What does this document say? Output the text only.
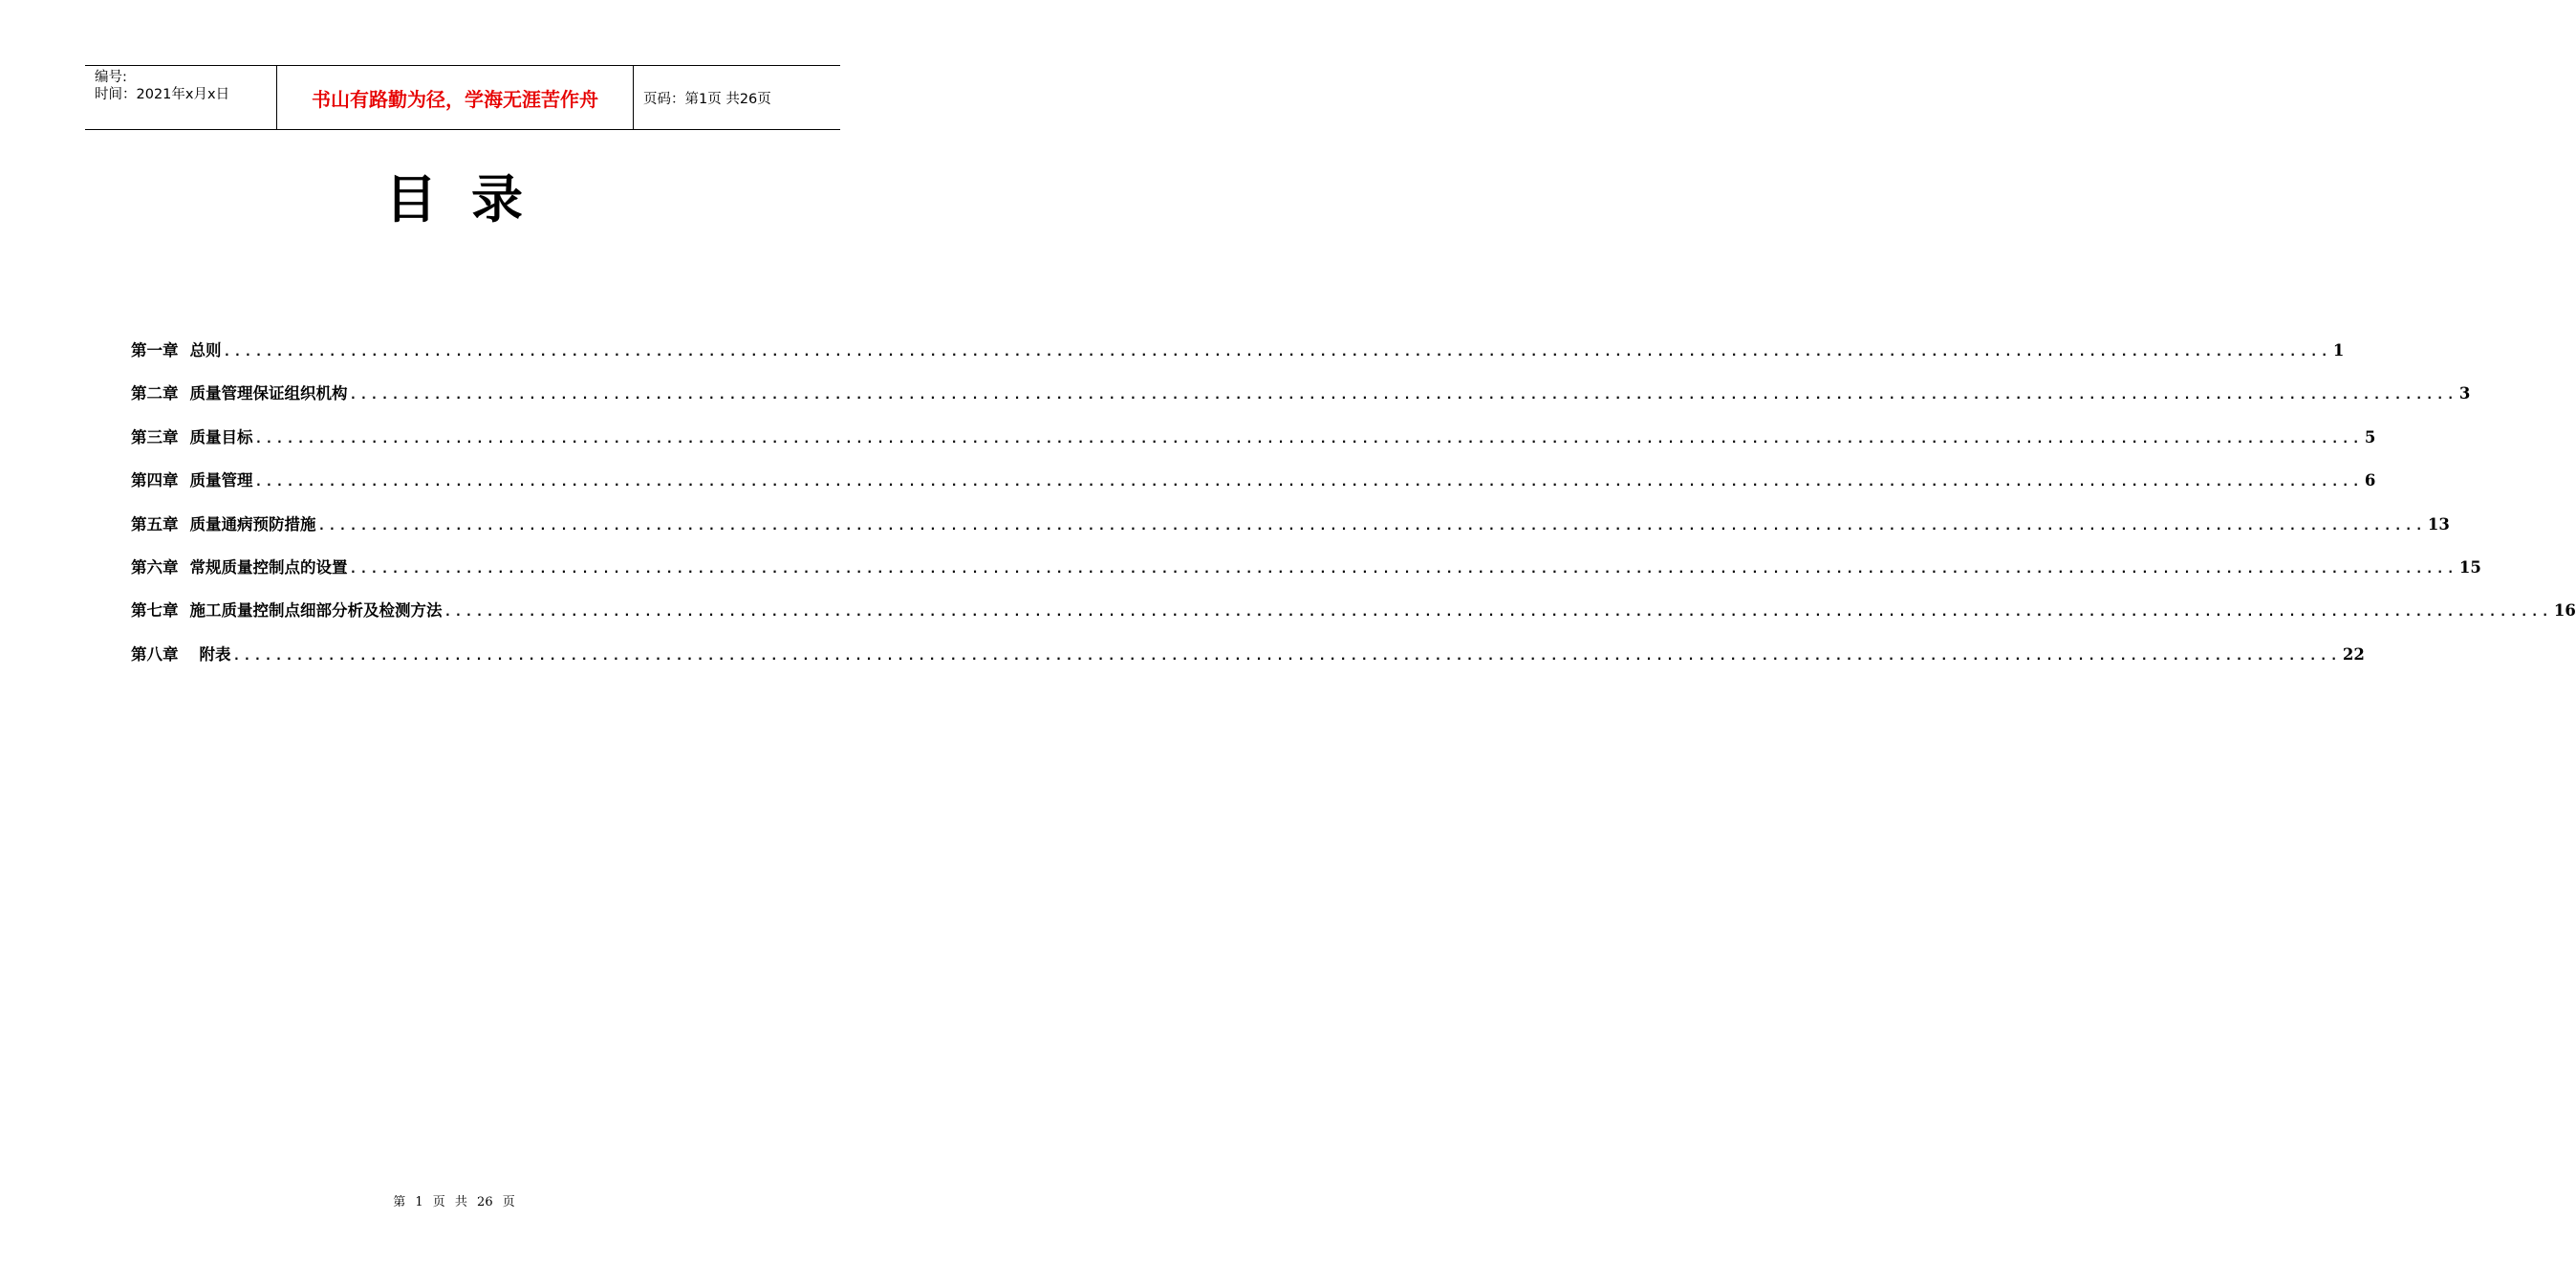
编号:
时间：2021年x月x日	书山有路勤为径，学海无涯苦作舟	页码：第1页 共26页
目录
第一章 总则 ........................................................................................................................................................................................................ 1
第二章 质量管理保证组织机构 ........................................................................................................................................................................................................ 3
第三章 质量目标 ........................................................................................................................................................................................................ 5
第四章 质量管理 ........................................................................................................................................................................................................ 6
第五章 质量通病预防措施 ........................................................................................................................................................................................................ 13
第六章 常规质量控制点的设置 ........................................................................................................................................................................................................ 15
第七章 施工质量控制点细部分析及检测方法 ........................................................................................................................................................................................................ 16
第八章 附表 ........................................................................................................................................................................................................ 22
第 1 页 共 26 页
